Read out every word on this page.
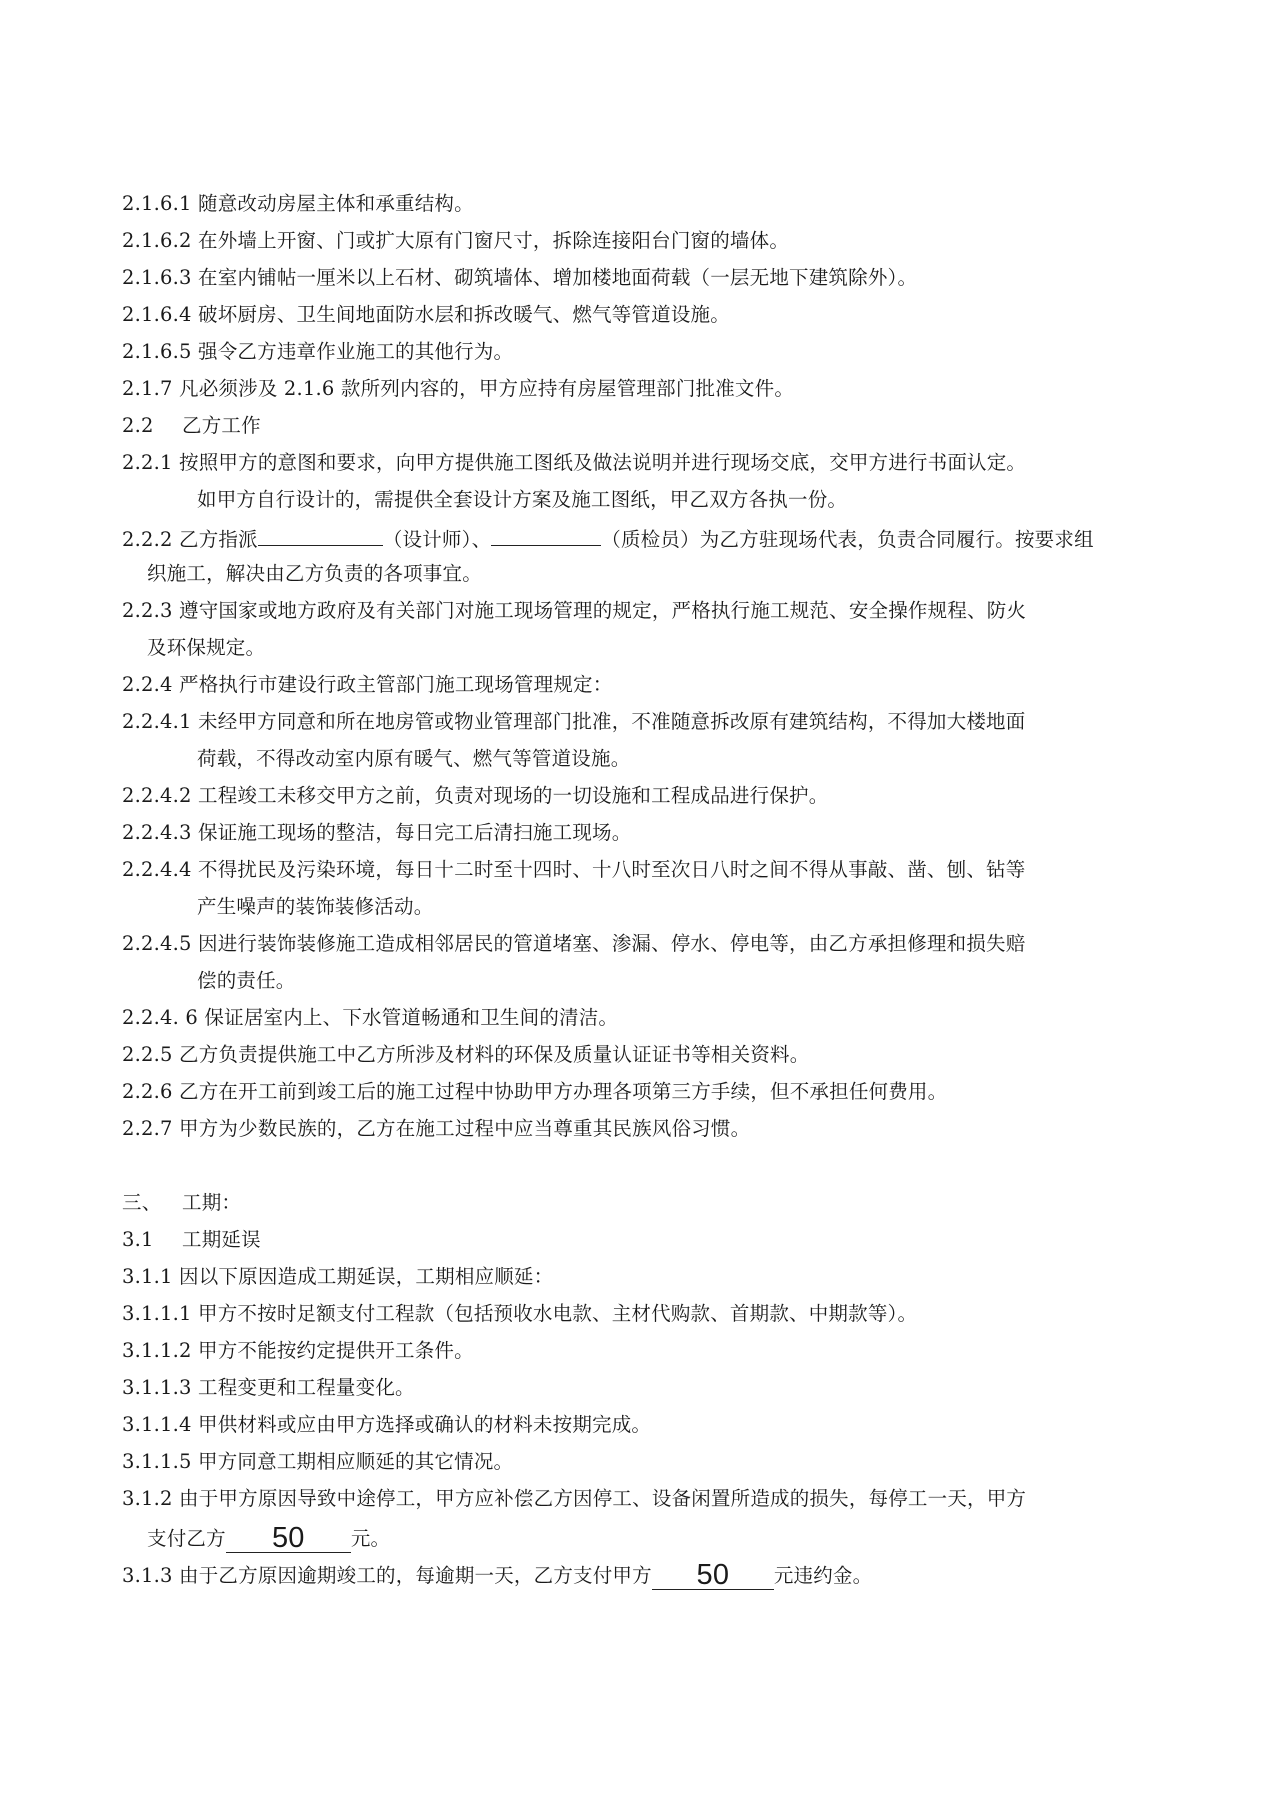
2.1.6.1 随意改动房屋主体和承重结构。
2.1.6.2 在外墙上开窗、门或扩大原有门窗尺寸，拆除连接阳台门窗的墙体。
2.1.6.3 在室内铺帖一厘米以上石材、砌筑墙体、增加楼地面荷载（一层无地下建筑除外）。
2.1.6.4 破坏厨房、卫生间地面防水层和拆改暖气、燃气等管道设施。
2.1.6.5 强令乙方违章作业施工的其他行为。
2.1.7 凡必须涉及 2.1.6 款所列内容的，甲方应持有房屋管理部门批准文件。
2.2 乙方工作
2.2.1 按照甲方的意图和要求，向甲方提供施工图纸及做法说明并进行现场交底，交甲方进行书面认定。
如甲方自行设计的，需提供全套设计方案及施工图纸，甲乙双方各执一份。
2.2.2 乙方指派	（设计师）、	（质检员）为乙方驻现场代表，负责合同履行。按要求组
织施工，解决由乙方负责的各项事宜。
2.2.3 遵守国家或地方政府及有关部门对施工现场管理的规定，严格执行施工规范、安全操作规程、防火
及环保规定。
2.2.4 严格执行市建设行政主管部门施工现场管理规定：
2.2.4.1 未经甲方同意和所在地房管或物业管理部门批准，不准随意拆改原有建筑结构，不得加大楼地面
荷载，不得改动室内原有暖气、燃气等管道设施。
2.2.4.2 工程竣工未移交甲方之前，负责对现场的一切设施和工程成品进行保护。
2.2.4.3 保证施工现场的整洁，每日完工后清扫施工现场。
2.2.4.4 不得扰民及污染环境，每日十二时至十四时、十八时至次日八时之间不得从事敲、凿、刨、钻等
产生噪声的装饰装修活动。
2.2.4.5 因进行装饰装修施工造成相邻居民的管道堵塞、渗漏、停水、停电等，由乙方承担修理和损失赔
偿的责任。
2.2.4. 6 保证居室内上、下水管道畅通和卫生间的清洁。
2.2.5 乙方负责提供施工中乙方所涉及材料的环保及质量认证证书等相关资料。
2.2.6 乙方在开工前到竣工后的施工过程中协助甲方办理各项第三方手续，但不承担任何费用。
2.2.7 甲方为少数民族的，乙方在施工过程中应当尊重其民族风俗习惯。
三、 工期：
3.1 工期延误
3.1.1 因以下原因造成工期延误，工期相应顺延：
3.1.1.1 甲方不按时足额支付工程款（包括预收水电款、主材代购款、首期款、中期款等）。
3.1.1.2 甲方不能按约定提供开工条件。
3.1.1.3 工程变更和工程量变化。
3.1.1.4 甲供材料或应由甲方选择或确认的材料未按期完成。
3.1.1.5 甲方同意工期相应顺延的其它情况。
3.1.2 由于甲方原因导致中途停工，甲方应补偿乙方因停工、设备闲置所造成的损失，每停工一天，甲方
支付乙方 50 元。
3.1.3 由于乙方原因逾期竣工的，每逾期一天，乙方支付甲方 50 元违约金。
